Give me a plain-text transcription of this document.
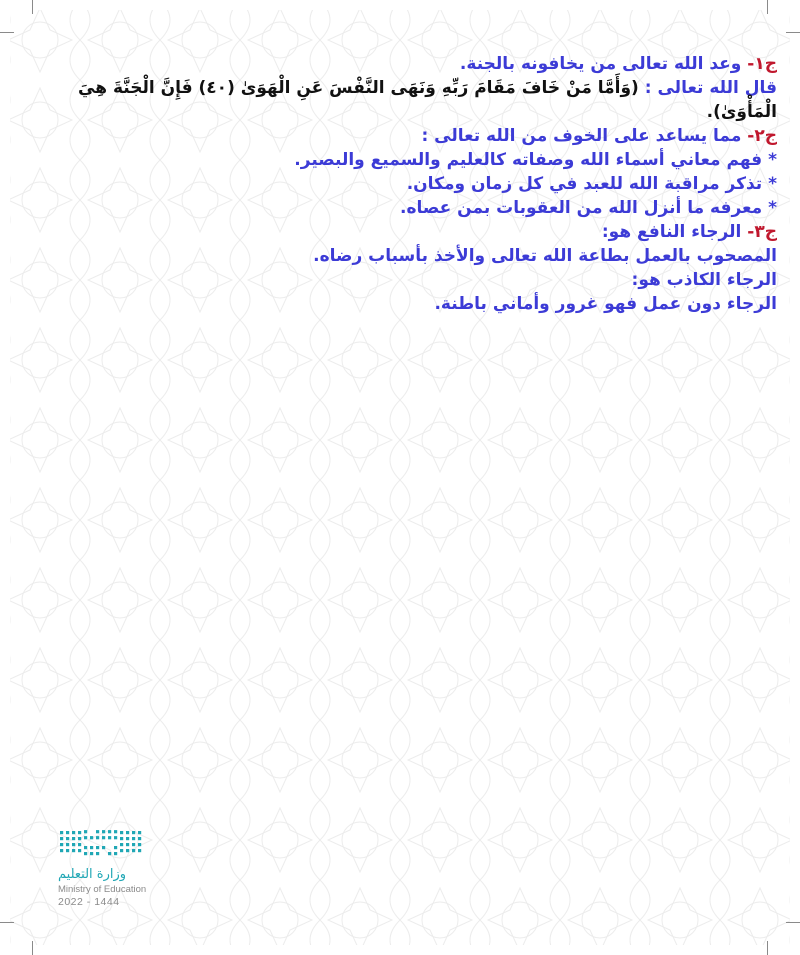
ج١- وعد الله تعالى من يخافونه بالجنة.

قال الله تعالى : (وَأَمَّا مَنْ خَافَ مَقَامَ رَبِّهِ وَنَهَى النَّفْسَ عَنِ الْهَوَىٰ (٤٠) فَإِنَّ الْجَنَّةَ هِيَ الْمَأْوَىٰ).

ج٢- مما يساعد على الخوف من الله تعالى :

* فهم معاني أسماء الله وصفاته كالعليم والسميع والبصير.

* تذكر مراقبة الله للعبد في كل زمان ومكان.

* معرفه ما أنزل الله من العقوبات بمن عصاه.

ج٣- الرجاء النافع هو:

المصحوب بالعمل بطاعة الله تعالى والأخذ بأسباب رضاه.

الرجاء الكاذب هو:

الرجاء دون عمل فهو غرور وأماني باطنة.

وزارة التعليم
Ministry of Education
2022 - 1444
